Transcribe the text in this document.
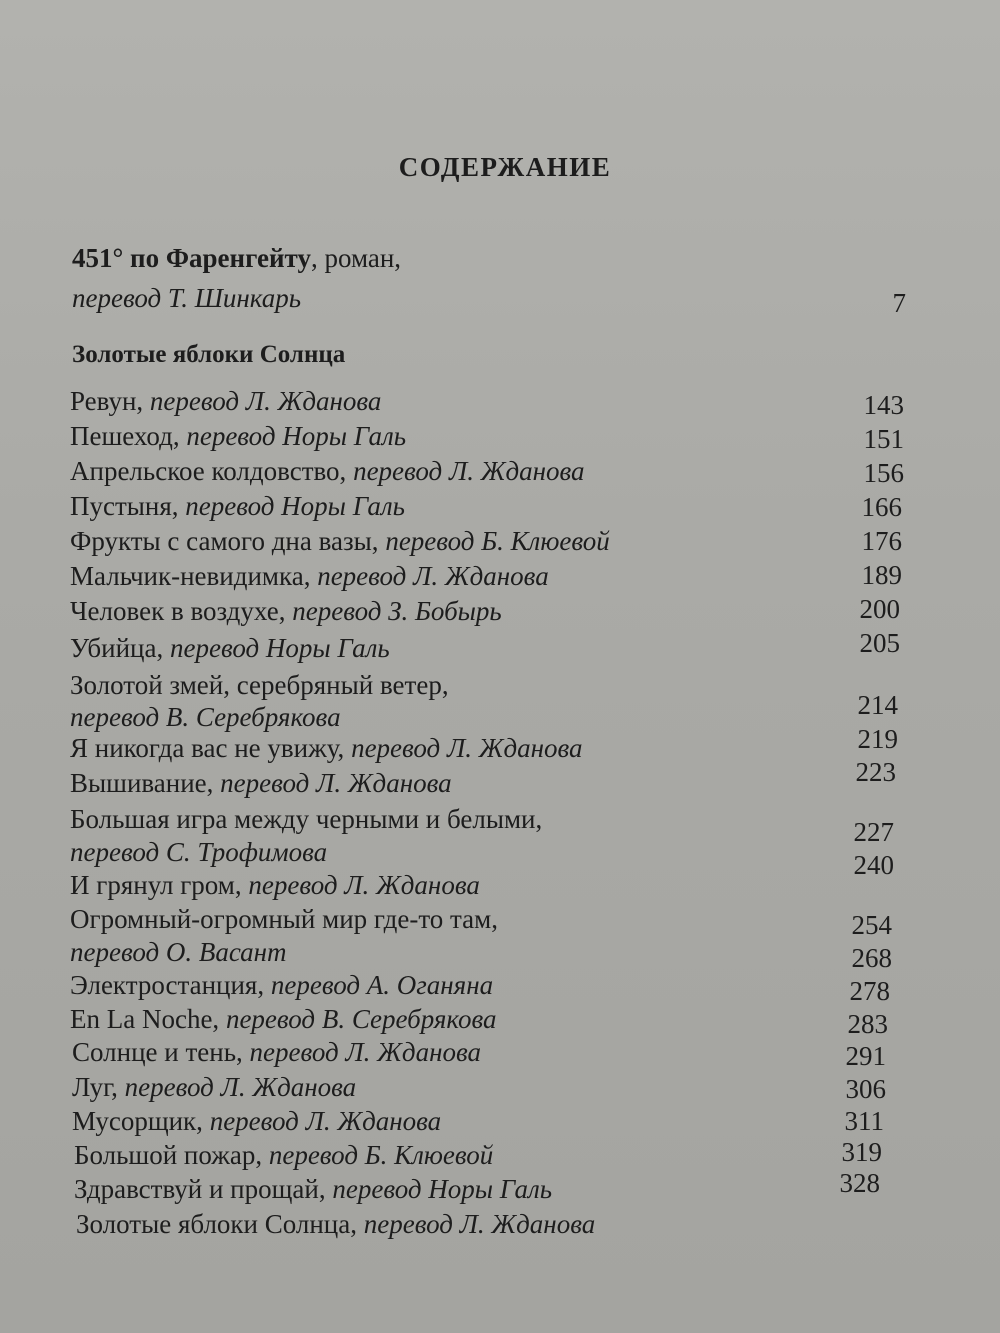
СОДЕРЖАНИЕ
451° по Фаренгейту, роман,
перевод Т. Шинкарь	7
Золотые яблоки Солнца
Ревун, перевод Л. Жданова
Пешеход, перевод Норы Галь
Апрельское колдовство, перевод Л. Жданова
Пустыня, перевод Норы Галь
Фрукты с самого дна вазы, перевод Б. Клюевой
Мальчик-невидимка, перевод Л. Жданова
Человек в воздухе, перевод З. Бобырь
Убийца, перевод Норы Галь
Золотой змей, серебряный ветер,
перевод В. Серебрякова
Я никогда вас не увижу, перевод Л. Жданова
Вышивание, перевод Л. Жданова
Большая игра между черными и белыми,
перевод С. Трофимова
И грянул гром, перевод Л. Жданова
Огромный-огромный мир где-то там,
перевод О. Васант
Электростанция, перевод А. Оганяна
En La Noche, перевод В. Серебрякова
Солнце и тень, перевод Л. Жданова
Луг, перевод Л. Жданова
Мусорщик, перевод Л. Жданова
Большой пожар, перевод Б. Клюевой
Здравствуй и прощай, перевод Норы Галь
Золотые яблоки Солнца, перевод Л. Жданова
143
151
156
166
176
189
200
205
214
219
223
227
240
254
268
278
283
291
306
311
319
328
